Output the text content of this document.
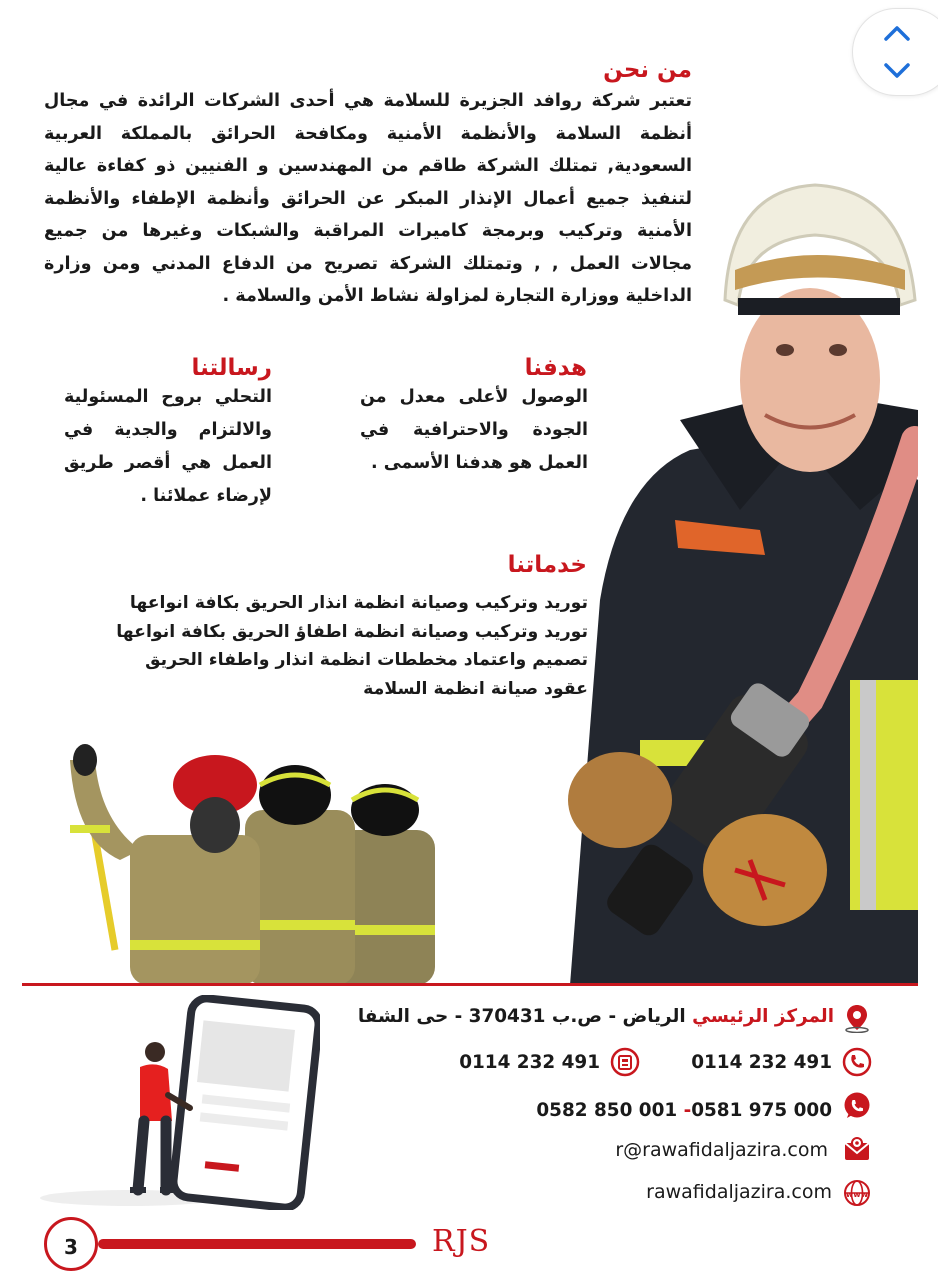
من نحن
تعتبر شركة روافد الجزيرة للسلامة هي أحدى الشركات الرائدة في مجال أنظمة السلامة والأنظمة الأمنية ومكافحة الحرائق بالمملكة العربية السعودية, تمتلك الشركة طاقم من المهندسين و الفنيين ذو كفاءة عالية لتنفيذ جميع أعمال الإنذار المبكر عن الحرائق وأنظمة الإطفاء والأنظمة الأمنية وتركيب وبرمجة كاميرات المراقبة والشبكات وغيرها من جميع مجالات العمل , , وتمتلك الشركة تصريح من الدفاع المدني ومن وزارة الداخلية ووزارة التجارة لمزاولة نشاط الأمن والسلامة .
هدفنا
الوصول لأعلى معدل من الجودة والاحترافية في العمل هو هدفنا الأسمى .
رسالتنا
التحلي بروح المسئولية والالتزام والجدية في العمل هي أقصر طريق لإرضاء عملائنا .
خدماتنا
توريد وتركيب وصيانة انظمة انذار الحريق بكافة انواعها
توريد وتركيب وصيانة انظمة اطفاؤ الحريق بكافة انواعها
تصميم واعتماد مخططات انظمة انذار واطفاء الحريق
عقود صيانة انظمة السلامة
المركز الرئيسي الرياض - ص.ب 370431 - حى الشفا
0114 232 491
0114 232 491
0582 850 001 -0581 975 000
r@rawafidaljazira.com
www
rawafidaljazira.com
3	RJS
